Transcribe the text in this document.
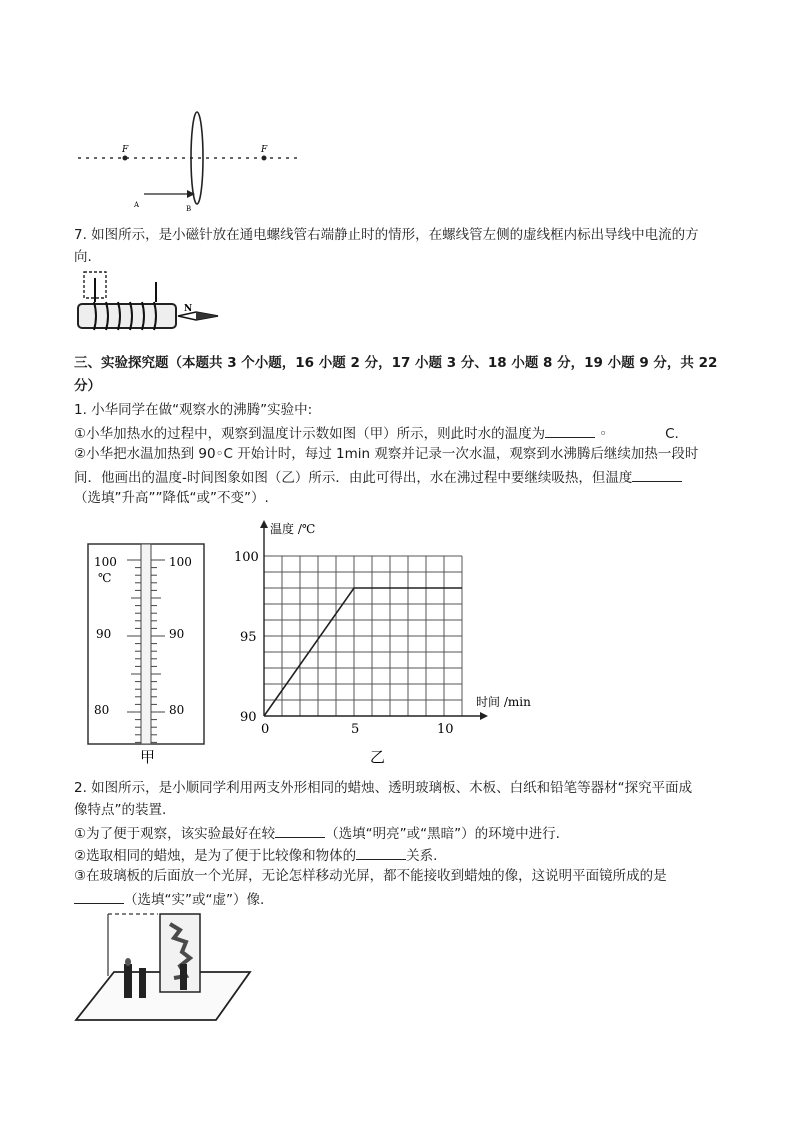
F	F
A	B
7. 如图所示，是小磁针放在通电螺线管右端静止时的情形，在螺线管左侧的虚线框内标出导线中电流的方
向.
N
三、实验探究题（本题共 3 个小题，16 小题 2 分，17 小题 3 分、18 小题 8 分，19 小题 9 分，共 22
分）
1. 小华同学在做“观察水的沸腾”实验中:
①小华加热水的过程中，观察到温度计示数如图（甲）所示，则此时水的温度为	◦	C.
②小华把水温加热到 90◦C 开始计时，每过 1min 观察并记录一次水温，观察到水沸腾后继续加热一段时
间．他画出的温度-时间图象如图（乙）所示．由此可得出，水在沸过程中要继续吸热，但温度
（选填”升高””降低“或”不变”）.
100
℃
90
80
100
90
80
甲
温度 /℃
时间 /min
0	5	10
90
95
100
乙
2. 如图所示，是小顺同学利用两支外形相同的蜡烛、透明玻璃板、木板、白纸和铅笔等器材“探究平面成
像特点”的装置.
①为了便于观察，该实验最好在较	（选填“明亮”或“黑暗”）的环境中进行.
②选取相同的蜡烛，是为了便于比较像和物体的	关系.
③在玻璃板的后面放一个光屏，无论怎样移动光屏，都不能接收到蜡烛的像，这说明平面镜所成的是
（选填“实”或“虚”）像.
